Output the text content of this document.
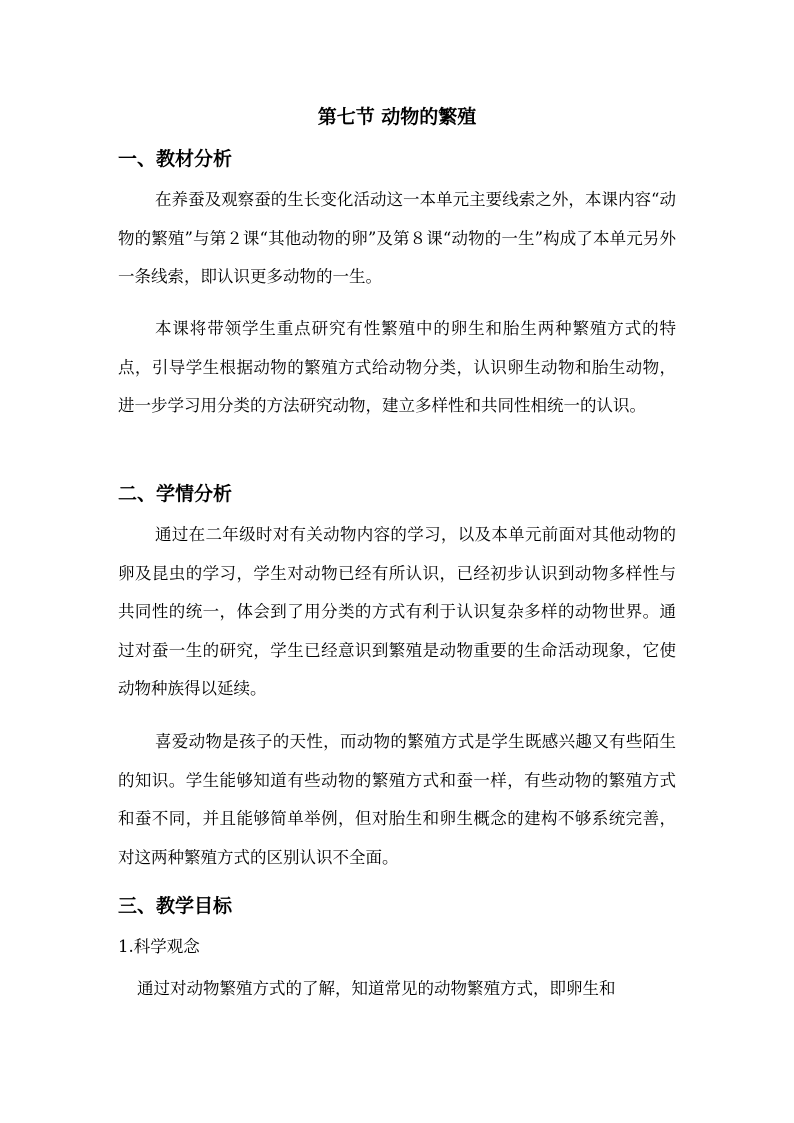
第七节 动物的繁殖
一、教材分析

在养蚕及观察蚕的生长变化活动这一本单元主要线索之外，本课内容“动物的繁殖”与第２课“其他动物的卵”及第８课“动物的一生”构成了本单元另外一条线索，即认识更多动物的一生。

本课将带领学生重点研究有性繁殖中的卵生和胎生两种繁殖方式的特点，引导学生根据动物的繁殖方式给动物分类，认识卵生动物和胎生动物，进一步学习用分类的方法研究动物，建立多样性和共同性相统一的认识。

二、学情分析

通过在二年级时对有关动物内容的学习，以及本单元前面对其他动物的卵及昆虫的学习，学生对动物已经有所认识，已经初步认识到动物多样性与共同性的统一，体会到了用分类的方式有利于认识复杂多样的动物世界。通过对蚕一生的研究，学生已经意识到繁殖是动物重要的生命活动现象，它使动物种族得以延续。

喜爱动物是孩子的天性，而动物的繁殖方式是学生既感兴趣又有些陌生的知识。学生能够知道有些动物的繁殖方式和蚕一样，有些动物的繁殖方式和蚕不同，并且能够简单举例，但对胎生和卵生概念的建构不够系统完善，对这两种繁殖方式的区别认识不全面。

三、教学目标
1.科学观念

通过对动物繁殖方式的了解，知道常见的动物繁殖方式，即卵生和
